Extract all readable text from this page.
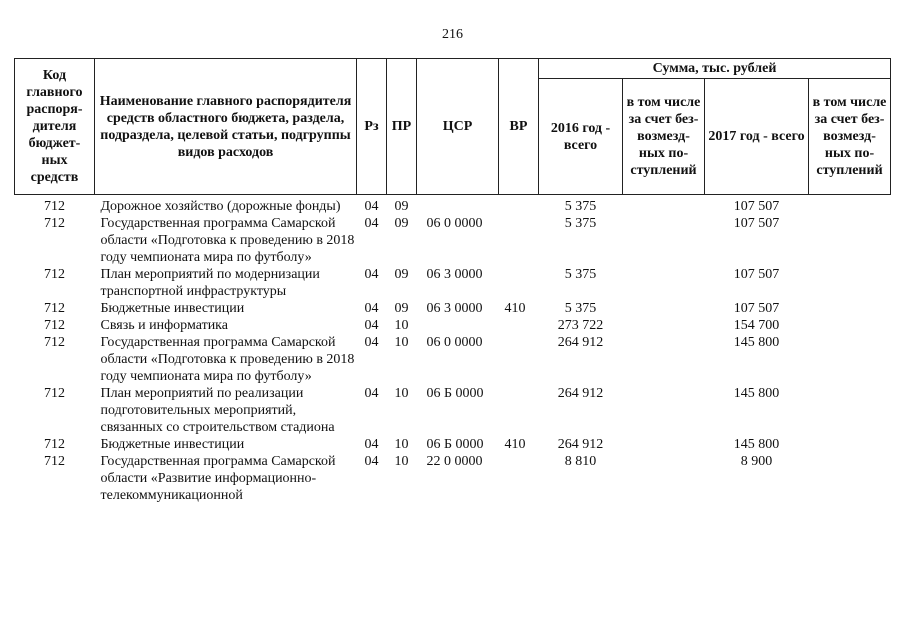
216
Код главного распоря-дителя бюджет-ных средств	Наименование главного распорядителя средств областного бюджета, раздела, подраздела, целевой статьи, подгруппы видов расходов	Рз	ПР	ЦСР	ВР	Сумма, тыс. рублей			
						2016 год - всего	в том числе за счет без-возмезд-ных по-ступлений	2017 год - всего	в том числе за счет без-возмезд-ных по-ступлений
712	Дорожное хозяйство (дорожные фонды)	04	09			5 375		107 507	
712	Государственная программа Самарской области «Подготовка к проведению в 2018 году чемпионата мира по футболу»	04	09	06 0 0000		5 375		107 507	
712	План мероприятий по модернизации транспортной инфраструктуры	04	09	06 3 0000		5 375		107 507	
712	Бюджетные инвестиции	04	09	06 3 0000	410	5 375		107 507	
712	Связь и информатика	04	10			273 722		154 700	
712	Государственная программа Самарской области «Подготовка к проведению в 2018 году чемпионата мира по футболу»	04	10	06 0 0000		264 912		145 800	
712	План мероприятий по реализации подготовительных мероприятий, связанных со строительством стадиона	04	10	06 Б 0000		264 912		145 800	
712	Бюджетные инвестиции	04	10	06 Б 0000	410	264 912		145 800	
712	Государственная программа Самарской области «Развитие информационно-телекоммуникационной	04	10	22 0 0000		8 810		8 900	
